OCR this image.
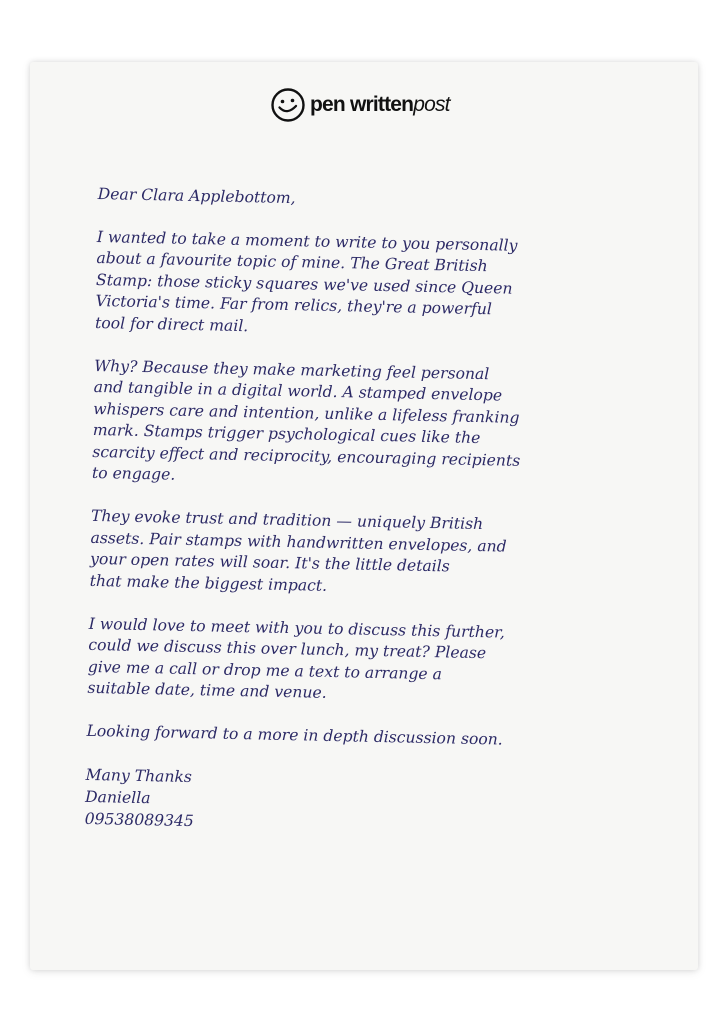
pen writtenpost

Dear Clara Applebottom,

I wanted to take a moment to write to you personally
about a favourite topic of mine. The Great British
Stamp: those sticky squares we've used since Queen
Victoria's time. Far from relics, they're a powerful
tool for direct mail.

Why? Because they make marketing feel personal
and tangible in a digital world. A stamped envelope
whispers care and intention, unlike a lifeless franking
mark. Stamps trigger psychological cues like the
scarcity effect and reciprocity, encouraging recipients
to engage.

They evoke trust and tradition — uniquely British
assets. Pair stamps with handwritten envelopes, and
your open rates will soar. It's the little details
that make the biggest impact.

I would love to meet with you to discuss this further,
could we discuss this over lunch, my treat? Please
give me a call or drop me a text to arrange a
suitable date, time and venue.

Looking forward to a more in depth discussion soon.

Many Thanks
Daniella
09538089345
